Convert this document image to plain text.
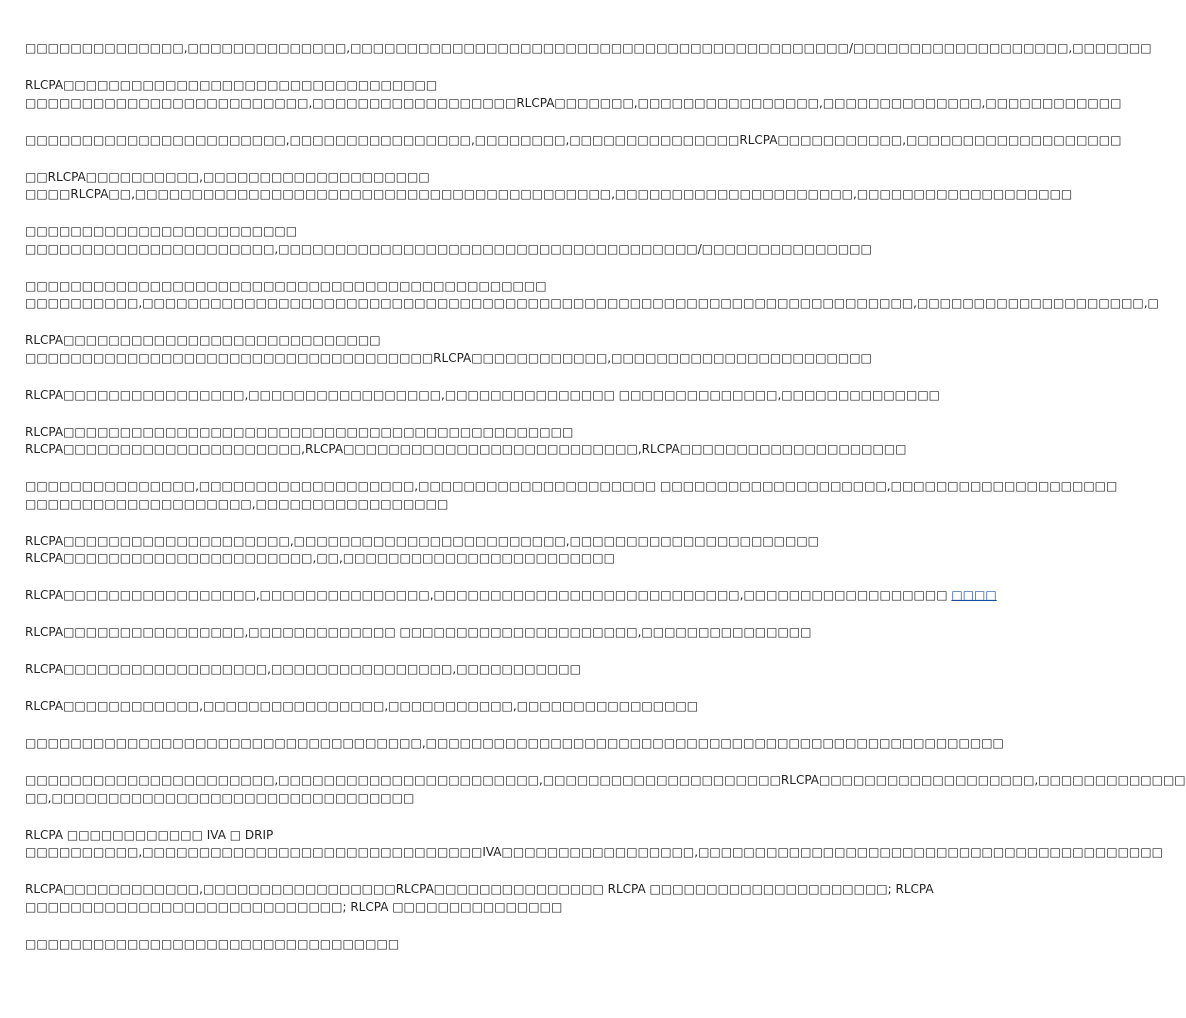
□□□□□□□□□□□□□□,□□□□□□□□□□□□□□,□□□□□□□□□□□□□□□□□□□□□□□□□□□□□□□□□□□□□□□□□□□□/□□□□□□□□□□□□□□□□□□□,□□□□□□□

RLCPA□□□□□□□□□□□□□□□□□□□□□□□□□□□□□□□□□
□□□□□□□□□□□□□□□□□□□□□□□□□,□□□□□□□□□□□□□□□□□□RLCPA□□□□□□□,□□□□□□□□□□□□□□□□,□□□□□□□□□□□□□□,□□□□□□□□□□□□

□□□□□□□□□□□□□□□□□□□□□□□,□□□□□□□□□□□□□□□□,□□□□□□□□,□□□□□□□□□□□□□□□RLCPA□□□□□□□□□□□,□□□□□□□□□□□□□□□□□□□

□□RLCPA□□□□□□□□□□,□□□□□□□□□□□□□□□□□□□□
□□□□RLCPA□□,□□□□□□□□□□□□□□□□□□□□□□□□□□□□□□□□□□□□□□□□□□,□□□□□□□□□□□□□□□□□□□□□,□□□□□□□□□□□□□□□□□□□

□□□□□□□□□□□□□□□□□□□□□□□□
□□□□□□□□□□□□□□□□□□□□□□,□□□□□□□□□□□□□□□□□□□□□□□□□□□□□□□□□□□□□/□□□□□□□□□□□□□□□

□□□□□□□□□□□□□□□□□□□□□□□□□□□□□□□□□□□□□□□□□□□□□□
□□□□□□□□□□,□□□□□□□□□□□□□□□□□□□□□□□□□□□□□□□□□□□□□□□□□□□□□□□□□□□□□□□□□□□□□□□□□□□□,□□□□□□□□□□□□□□□□□□□□,□

RLCPA□□□□□□□□□□□□□□□□□□□□□□□□□□□□
□□□□□□□□□□□□□□□□□□□□□□□□□□□□□□□□□□□□RLCPA□□□□□□□□□□□□,□□□□□□□□□□□□□□□□□□□□□□□

RLCPA□□□□□□□□□□□□□□□□,□□□□□□□□□□□□□□□□□,□□□□□□□□□□□□□□□ □□□□□□□□□□□□□□,□□□□□□□□□□□□□□

RLCPA□□□□□□□□□□□□□□□□□□□□□□□□□□□□□□□□□□□□□□□□□□□□□
RLCPA□□□□□□□□□□□□□□□□□□□□□,RLCPA□□□□□□□□□□□□□□□□□□□□□□□□□□,RLCPA□□□□□□□□□□□□□□□□□□□□

□□□□□□□□□□□□□□□,□□□□□□□□□□□□□□□□□□□,□□□□□□□□□□□□□□□□□□□□□ □□□□□□□□□□□□□□□□□□□□,□□□□□□□□□□□□□□□□□□□□
□□□□□□□□□□□□□□□□□□□□,□□□□□□□□□□□□□□□□□

RLCPA□□□□□□□□□□□□□□□□□□□□,□□□□□□□□□□□□□□□□□□□□□□□□,□□□□□□□□□□□□□□□□□□□□□□
RLCPA□□□□□□□□□□□□□□□□□□□□□□,□□,□□□□□□□□□□□□□□□□□□□□□□□□

RLCPA□□□□□□□□□□□□□□□□□,□□□□□□□□□□□□□□□,□□□□□□□□□□□□□□□□□□□□□□□□□□□,□□□□□□□□□□□□□□□□□□ □□□□

RLCPA□□□□□□□□□□□□□□□□,□□□□□□□□□□□□□ □□□□□□□□□□□□□□□□□□□□□,□□□□□□□□□□□□□□□

RLCPA□□□□□□□□□□□□□□□□□□,□□□□□□□□□□□□□□□□,□□□□□□□□□□□

RLCPA□□□□□□□□□□□□,□□□□□□□□□□□□□□□□,□□□□□□□□□□□,□□□□□□□□□□□□□□□□

□□□□□□□□□□□□□□□□□□□□□□□□□□□□□□□□□□□,□□□□□□□□□□□□□□□□□□□□□□□□□□□□□□□□□□□□□□□□□□□□□□□□□□□

□□□□□□□□□□□□□□□□□□□□□□,□□□□□□□□□□□□□□□□□□□□□□□,□□□□□□□□□□□□□□□□□□□□□RLCPA□□□□□□□□□□□□□□□□□□□,□□□□□□□□□□□□□
□□,□□□□□□□□□□□□□□□□□□□□□□□□□□□□□□□□

RLCPA □□□□□□□□□□□□ IVA □ DRIP
□□□□□□□□□□,□□□□□□□□□□□□□□□□□□□□□□□□□□□□□□IVA□□□□□□□□□□□□□□□□□,□□□□□□□□□□□□□□□□□□□□□□□□□□□□□□□□□□□□□□□□□

RLCPA□□□□□□□□□□□□,□□□□□□□□□□□□□□□□□RLCPA□□□□□□□□□□□□□□□ RLCPA □□□□□□□□□□□□□□□□□□□□□; RLCPA
□□□□□□□□□□□□□□□□□□□□□□□□□□□□; RLCPA □□□□□□□□□□□□□□□

□□□□□□□□□□□□□□□□□□□□□□□□□□□□□□□□□
